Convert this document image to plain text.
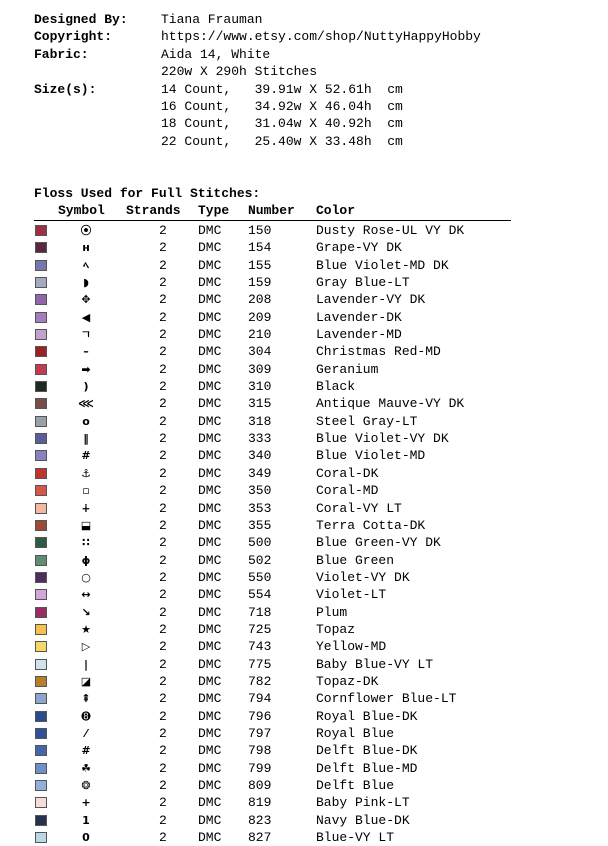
Designed By:	Tiana Frauman
Copyright:	https://www.etsy.com/shop/NuttyHappyHobby
Fabric:	Aida 14, White
220w X 290h Stitches
Size(s):	14 Count,   39.91w X 52.61h  cm
16 Count,   34.92w X 46.04h  cm
18 Count,   31.04w X 40.92h  cm
22 Count,   25.40w X 33.48h  cm
Floss Used for Full Stitches:
Symbol Strands Type Number Color
⦿	2 DMC 150	Dusty Rose-UL VY DK
н	2 DMC 154	Grape-VY DK
ﾍ	2 DMC 155	Blue Violet-MD DK
◗	2 DMC 159	Gray Blue-LT
✥	2 DMC 208	Lavender-VY DK
◀	2 DMC 209	Lavender-DK
ㄱ	2 DMC 210	Lavender-MD
–	2 DMC 304	Christmas Red-MD
➡	2 DMC 309	Geranium
)	2 DMC 310	Black
⋘	2 DMC 315	Antique Mauve-VY DK
o	2 DMC 318	Steel Gray-LT
‖	2 DMC 333	Blue Violet-VY DK
#	2 DMC 340	Blue Violet-MD
⚓	2 DMC 349	Coral-DK
▫	2 DMC 350	Coral-MD
∔	2 DMC 353	Coral-VY LT
⬓	2 DMC 355	Terra Cotta-DK
∷	2 DMC 500	Blue Green-VY DK
ϕ	2 DMC 502	Blue Green
○	2 DMC 550	Violet-VY DK
↔	2 DMC 554	Violet-LT
↘	2 DMC 718	Plum
★	2 DMC 725	Topaz
▷	2 DMC 743	Yellow-MD
|	2 DMC 775	Baby Blue-VY LT
◪	2 DMC 782	Topaz-DK
⇞	2 DMC 794	Cornflower Blue-LT
➑	2 DMC 796	Royal Blue-DK
⁄	2 DMC 797	Royal Blue
#	2 DMC 798	Delft Blue-DK
☘	2 DMC 799	Delft Blue-MD
❂	2 DMC 809	Delft Blue
+	2 DMC 819	Baby Pink-LT
1	2 DMC 823	Navy Blue-DK
0	2 DMC 827	Blue-VY LT
